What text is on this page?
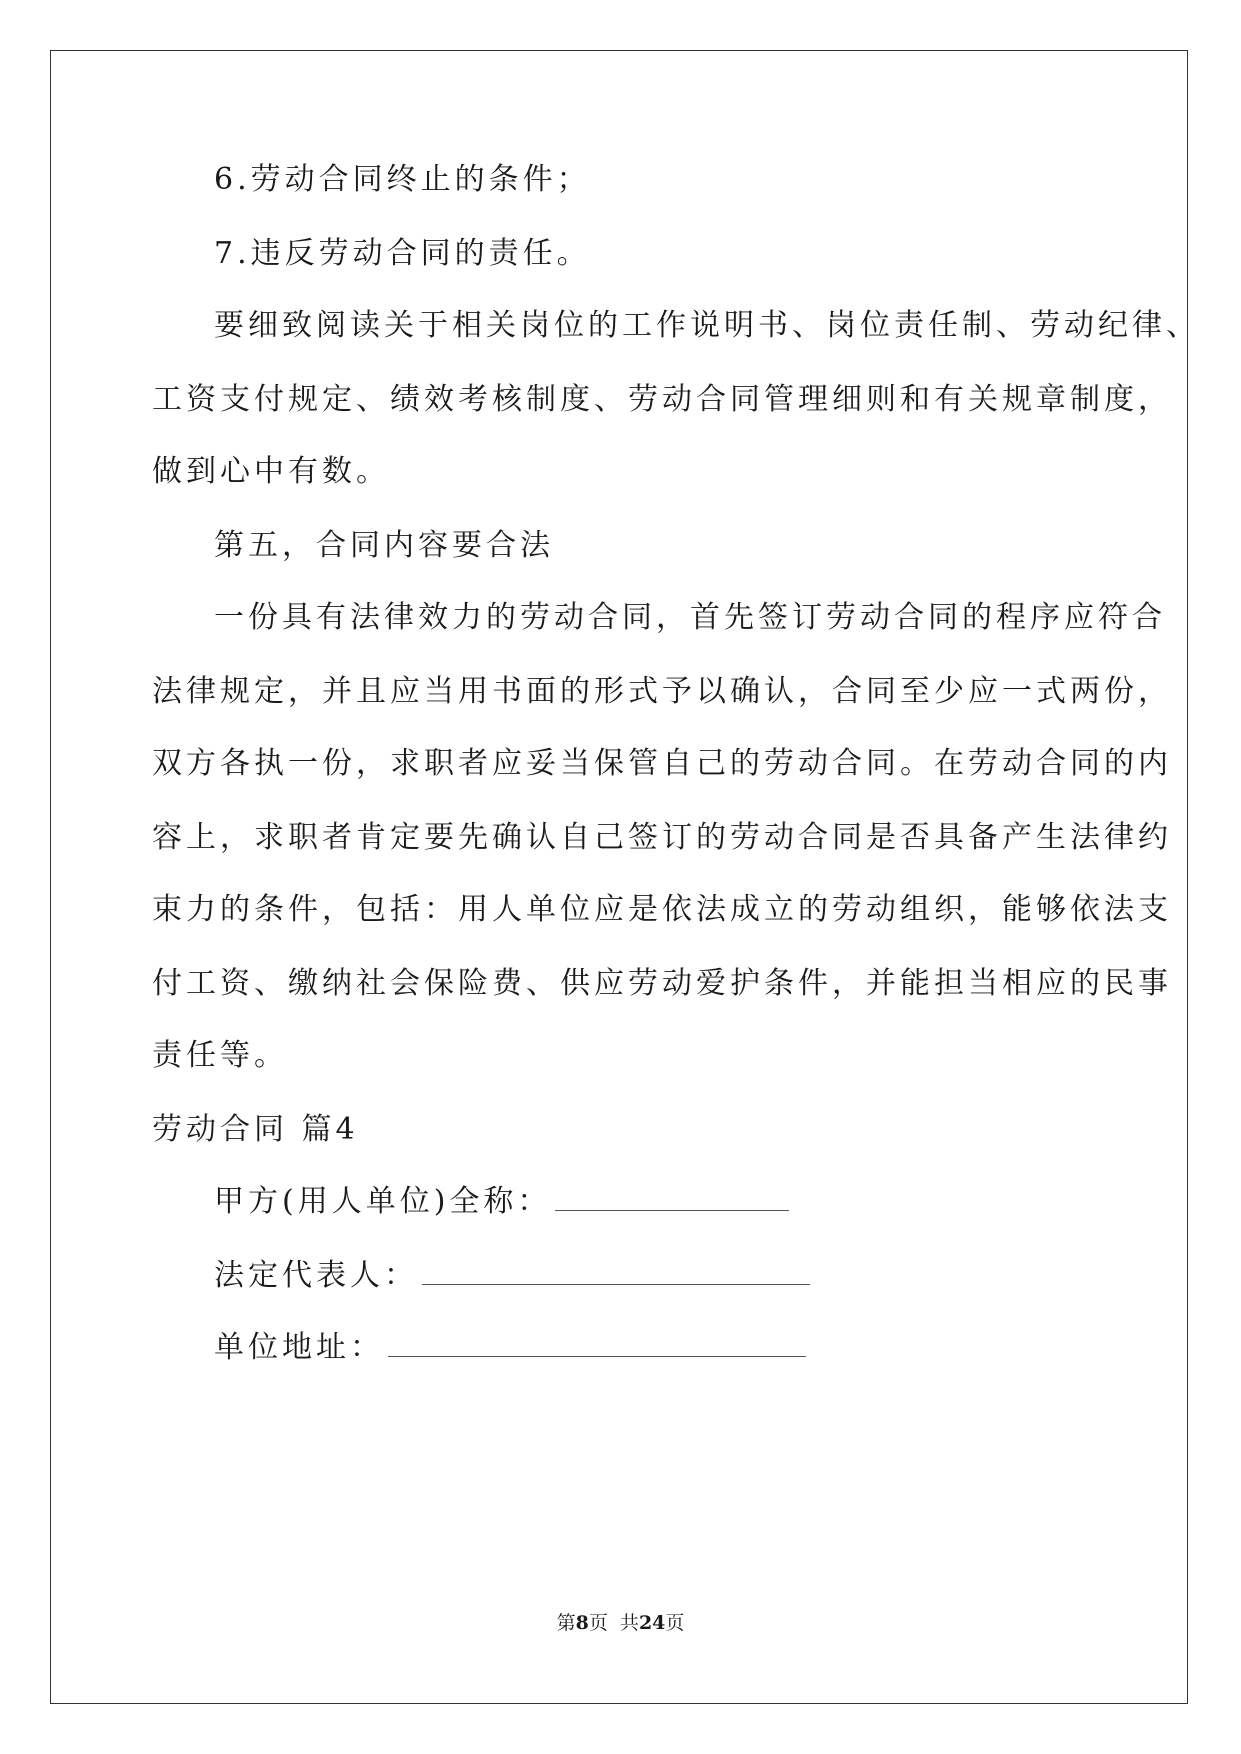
6.劳动合同终止的条件；
7.违反劳动合同的责任。
要细致阅读关于相关岗位的工作说明书、岗位责任制、劳动纪律、
工资支付规定、绩效考核制度、劳动合同管理细则和有关规章制度，
做到心中有数。
第五，合同内容要合法
一份具有法律效力的劳动合同，首先签订劳动合同的程序应符合
法律规定，并且应当用书面的形式予以确认，合同至少应一式两份，
双方各执一份，求职者应妥当保管自己的劳动合同。在劳动合同的内
容上，求职者肯定要先确认自己签订的劳动合同是否具备产生法律约
束力的条件，包括：用人单位应是依法成立的劳动组织，能够依法支
付工资、缴纳社会保险费、供应劳动爱护条件，并能担当相应的民事
责任等。
劳动合同 篇4
甲方(用人单位)全称：
法定代表人：
单位地址：
第8页  共24页
